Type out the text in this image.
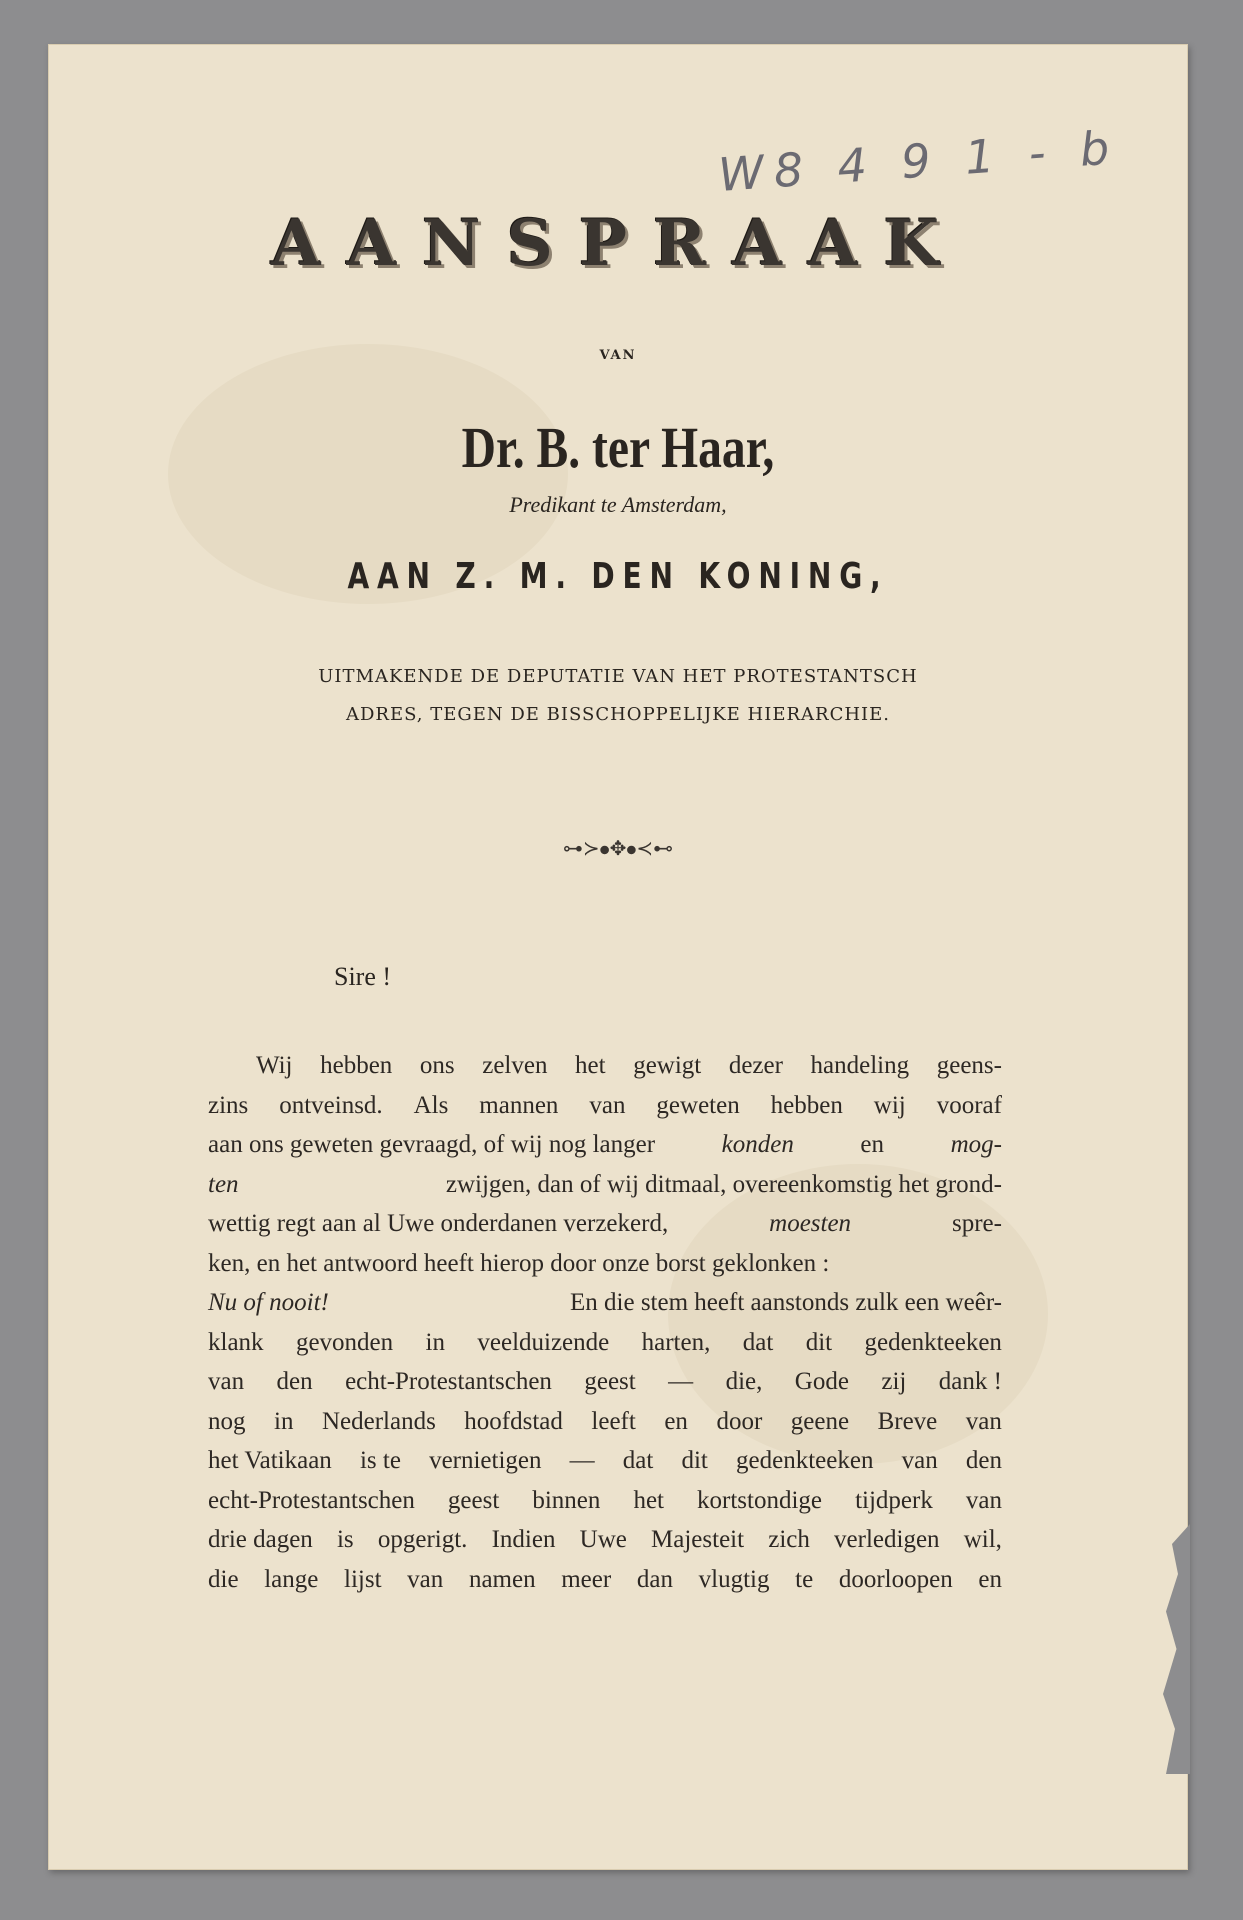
W8 4 9 1 - b
AANSPRAAK
VAN
Dr. B. ter Haar,
Predikant te Amsterdam,
AAN Z. M. DEN KONING,
UITMAKENDE DE DEPUTATIE VAN HET PROTESTANTSCH
ADRES, TEGEN DE BISSCHOPPELIJKE HIERARCHIE.
⊶≻⦁✥⦁≺⊷
Sire !
Wij hebben ons zelven het gewigt dezer handeling geens-
zins ontveinsd. Als mannen van geweten hebben wij vooraf
aan ons geweten gevraagd, of wij nog langer	konden	en	mog-
ten	zwijgen, dan of wij ditmaal, overeenkomstig het grond-
wettig regt aan al Uwe onderdanen verzekerd,	moesten	spre-
ken, en het antwoord heeft hierop door onze borst geklonken :
Nu of nooit!	En die stem heeft aanstonds zulk een weêr-
klank gevonden in veelduizende harten, dat dit gedenkteeken
van den echt-Protestantschen geest — die, Gode zij dank !
nog in Nederlands hoofdstad leeft en door geene Breve van
het Vatikaan is te vernietigen — dat dit gedenkteeken van den
echt-Protestantschen geest binnen het kortstondige tijdperk van
drie dagen is opgerigt. Indien Uwe Majesteit zich verledigen wil,
die lange lijst van namen meer dan vlugtig te doorloopen en
